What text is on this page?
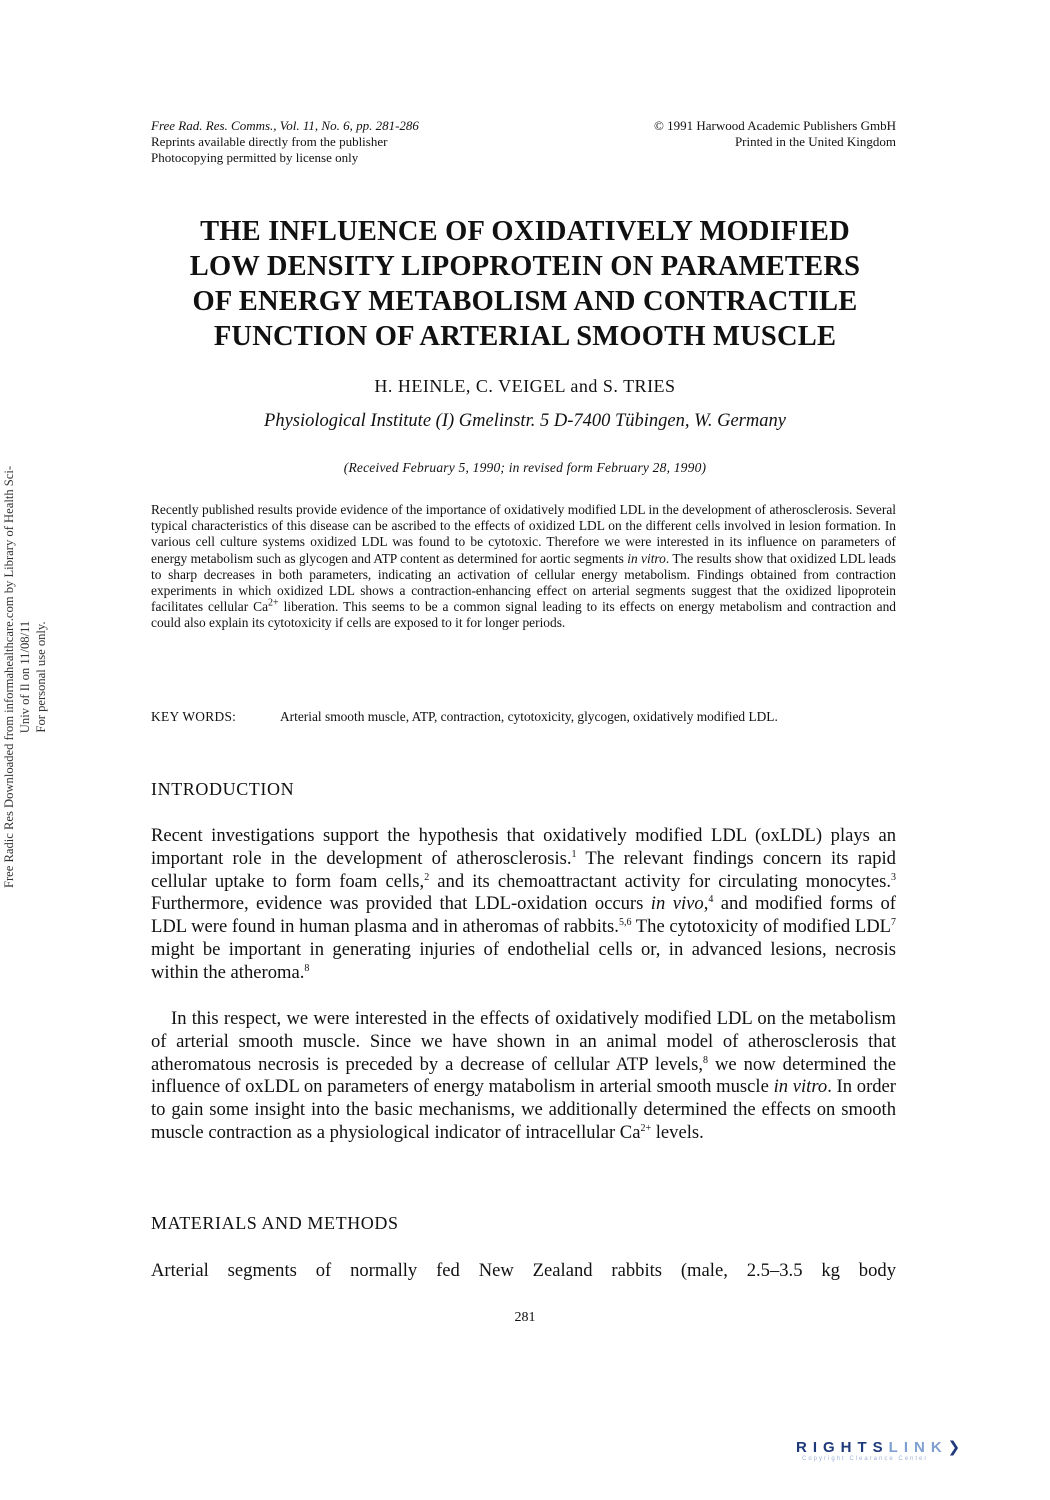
Free Rad. Res. Comms., Vol. 11, No. 6, pp. 281-286
Reprints available directly from the publisher
Photocopying permitted by license only
© 1991 Harwood Academic Publishers GmbH
Printed in the United Kingdom
THE INFLUENCE OF OXIDATIVELY MODIFIED
LOW DENSITY LIPOPROTEIN ON PARAMETERS
OF ENERGY METABOLISM AND CONTRACTILE
FUNCTION OF ARTERIAL SMOOTH MUSCLE
H. HEINLE, C. VEIGEL and S. TRIES
Physiological Institute (I) Gmelinstr. 5 D-7400 Tübingen, W. Germany
(Received February 5, 1990; in revised form February 28, 1990)
Recently published results provide evidence of the importance of oxidatively modified LDL in the development of atherosclerosis. Several typical characteristics of this disease can be ascribed to the effects of oxidized LDL on the different cells involved in lesion formation. In various cell culture systems oxidized LDL was found to be cytotoxic. Therefore we were interested in its influence on parameters of energy metabolism such as glycogen and ATP content as determined for aortic segments in vitro. The results show that oxidized LDL leads to sharp decreases in both parameters, indicating an activation of cellular energy metabolism. Findings obtained from contraction experiments in which oxidized LDL shows a contraction-enhancing effect on arterial segments suggest that the oxidized lipoprotein facilitates cellular $Ca^{2+}$ liberation. This seems to be a common signal leading to its effects on energy metabolism and contraction and could also explain its cytotoxicity if cells are exposed to it for longer periods.
KEY WORDS:	Arterial smooth muscle, ATP, contraction, cytotoxicity, glycogen, oxidatively modified LDL.
INTRODUCTION
Recent investigations support the hypothesis that oxidatively modified LDL (oxLDL) plays an important role in the development of atherosclerosis.$^1$ The relevant findings concern its rapid cellular uptake to form foam cells,$^2$ and its chemoattractant activity for circulating monocytes.$^3$ Furthermore, evidence was provided that LDL-oxidation occurs in vivo,$^4$ and modified forms of LDL were found in human plasma and in atheromas of rabbits.$^{5,6}$ The cytotoxicity of modified LDL$^7$ might be important in generating injuries of endothelial cells or, in advanced lesions, necrosis within the atheroma.$^8$
In this respect, we were interested in the effects of oxidatively modified LDL on the metabolism of arterial smooth muscle. Since we have shown in an animal model of atherosclerosis that atheromatous necrosis is preceded by a decrease of cellular ATP levels,$^8$ we now determined the influence of oxLDL on parameters of energy matabolism in arterial smooth muscle in vitro. In order to gain some insight into the basic mechanisms, we additionally determined the effects on smooth muscle contraction as a physiological indicator of intracellular $Ca^{2+}$ levels.
MATERIALS AND METHODS
Arterial segments of normally fed New Zealand rabbits (male, 2.5–3.5 kg body
281
Free Radic Res Downloaded from informahealthcare.com by Library of Health Sci-Univ of Il on 11/08/11 For personal use only.
RIGHTSLINK❯
Copyright Clearance Center
